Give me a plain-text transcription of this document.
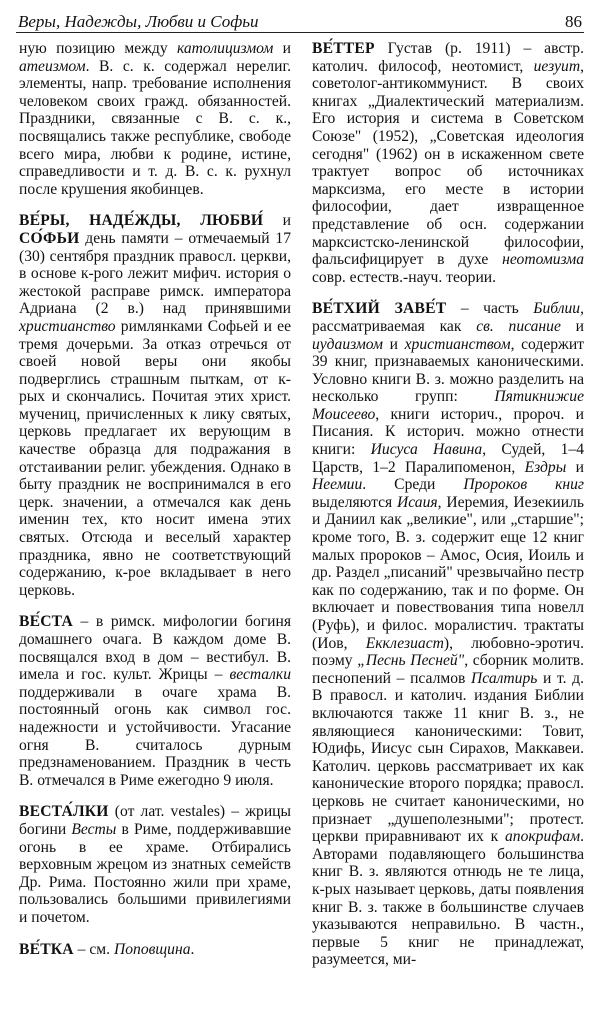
Веры, Надежды, Любви и Софьи	86

ную позицию между католицизмом и атеизмом. В. с. к. содержал нерелиг. элементы, напр. требование исполнения человеком своих гражд. обязанностей. Праздники, связанные с В. с. к., посвящались также республике, свободе всего мира, любви к родине, истине, справедливости и т. д. В. с. к. рухнул после крушения якобинцев.

ВЕ́РЫ, НАДЕ́ЖДЫ, ЛЮБВИ́ и СО́ФЬИ день памяти – отмечаемый 17 (30) сентября праздник правосл. церкви, в основе к-рого лежит мифич. история о жестокой расправе римск. императора Адриана (2 в.) над принявшими христианство римлянками Софьей и ее тремя дочерьми. За отказ отречься от своей новой веры они якобы подверглись страшным пыткам, от к-рых и скончались. Почитая этих христ. мучениц, причисленных к лику святых, церковь предлагает их верующим в качестве образца для подражания в отстаивании религ. убеждения. Однако в быту праздник не воспринимался в его церк. значении, а отмечался как день именин тех, кто носит имена этих святых. Отсюда и веселый характер праздника, явно не соответствующий содержанию, к-рое вкладывает в него церковь.

ВЕ́СТА – в римск. мифологии богиня домашнего очага. В каждом доме В. посвящался вход в дом – вестибул. В. имела и гос. культ. Жрицы – весталки поддерживали в очаге храма В. постоянный огонь как символ гос. надежности и устойчивости. Угасание огня В. считалось дурным предзнаменованием. Праздник в честь В. отмечался в Риме ежегодно 9 июля.

ВЕСТА́ЛКИ (от лат. vestales) – жрицы богини Весты в Риме, поддерживавшие огонь в ее храме. Отбирались верховным жрецом из знатных семейств Др. Рима. Постоянно жили при храме, пользовались большими привилегиями и почетом.

ВЕ́ТКА – см. Поповщина.

ВЕ́ТТЕР Густав (р. 1911) – австр. католич. философ, неотомист, иезуит, советолог-антикоммунист. В своих книгах „Диалектический материализм. Его история и система в Советском Союзе" (1952), „Советская идеология сегодня" (1962) он в искаженном свете трактует вопрос об источниках марксизма, его месте в истории философии, дает извращенное представление об осн. содержании марксистско-ленинской философии, фальсифицирует в духе неотомизма совр. естеств.-науч. теории.

ВЕ́ТХИЙ ЗАВЕ́Т – часть Библии, рассматриваемая как св. писание и иудаизмом и христианством, содержит 39 книг, признаваемых каноническими. Условно книги В. з. можно разделить на несколько групп: Пятикнижие Моисеево, книги историч., пророч. и Писания. К историч. можно отнести книги: Иисуса Навина, Судей, 1–4 Царств, 1–2 Паралипоменон, Ездры и Неемии. Среди Пророков книг выделяются Исаия, Иеремия, Иезекииль и Даниил как „великие", или „старшие"; кроме того, В. з. содержит еще 12 книг малых пророков – Амос, Осия, Иоиль и др. Раздел „писаний" чрезвычайно пестр как по содержанию, так и по форме. Он включает и повествования типа новелл (Руфь), и филос. моралистич. трактаты (Иов, Екклезиаст), любовно-эротич. поэму „Песнь Песней", сборник молитв. песнопений – псалмов Псалтирь и т. д. В правосл. и католич. издания Библии включаются также 11 книг В. з., не являющиеся каноническими: Товит, Юдифь, Иисус сын Сирахов, Маккавеи. Католич. церковь рассматривает их как канонические второго порядка; правосл. церковь не считает каноническими, но признает „душеполезными"; протест. церкви приравнивают их к апокрифам. Авторами подавляющего большинства книг В. з. являются отнюдь не те лица, к-рых называет церковь, даты появления книг В. з. также в большинстве случаев указываются неправильно. В частн., первые 5 книг не принадлежат, разумеется, ми-
